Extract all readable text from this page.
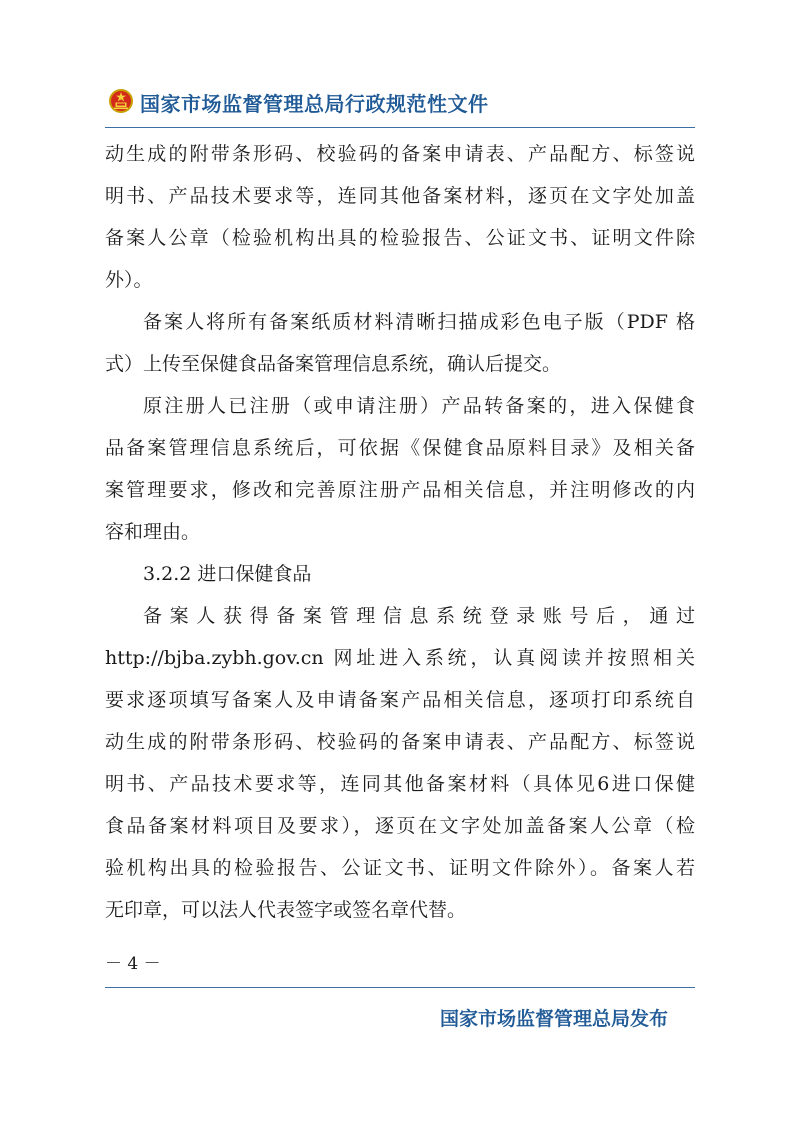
国家市场监督管理总局行政规范性文件
动生成的附带条形码、校验码的备案申请表、产品配方、标签说
明书、产品技术要求等，连同其他备案材料，逐页在文字处加盖
备案人公章（检验机构出具的检验报告、公证文书、证明文件除
外）。
备案人将所有备案纸质材料清晰扫描成彩色电子版（PDF 格
式）上传至保健食品备案管理信息系统，确认后提交。
原注册人已注册（或申请注册）产品转备案的，进入保健食
品备案管理信息系统后，可依据《保健食品原料目录》及相关备
案管理要求，修改和完善原注册产品相关信息，并注明修改的内
容和理由。
3.2.2 进口保健食品
备案人获得备案管理信息系统登录账号后，通过
http://bjba.zybh.gov.cn 网址进入系统，认真阅读并按照相关
要求逐项填写备案人及申请备案产品相关信息，逐项打印系统自
动生成的附带条形码、校验码的备案申请表、产品配方、标签说
明书、产品技术要求等，连同其他备案材料（具体见6进口保健
食品备案材料项目及要求），逐页在文字处加盖备案人公章（检
验机构出具的检验报告、公证文书、证明文件除外）。备案人若
无印章，可以法人代表签字或签名章代替。
－ 4 －
国家市场监督管理总局发布
